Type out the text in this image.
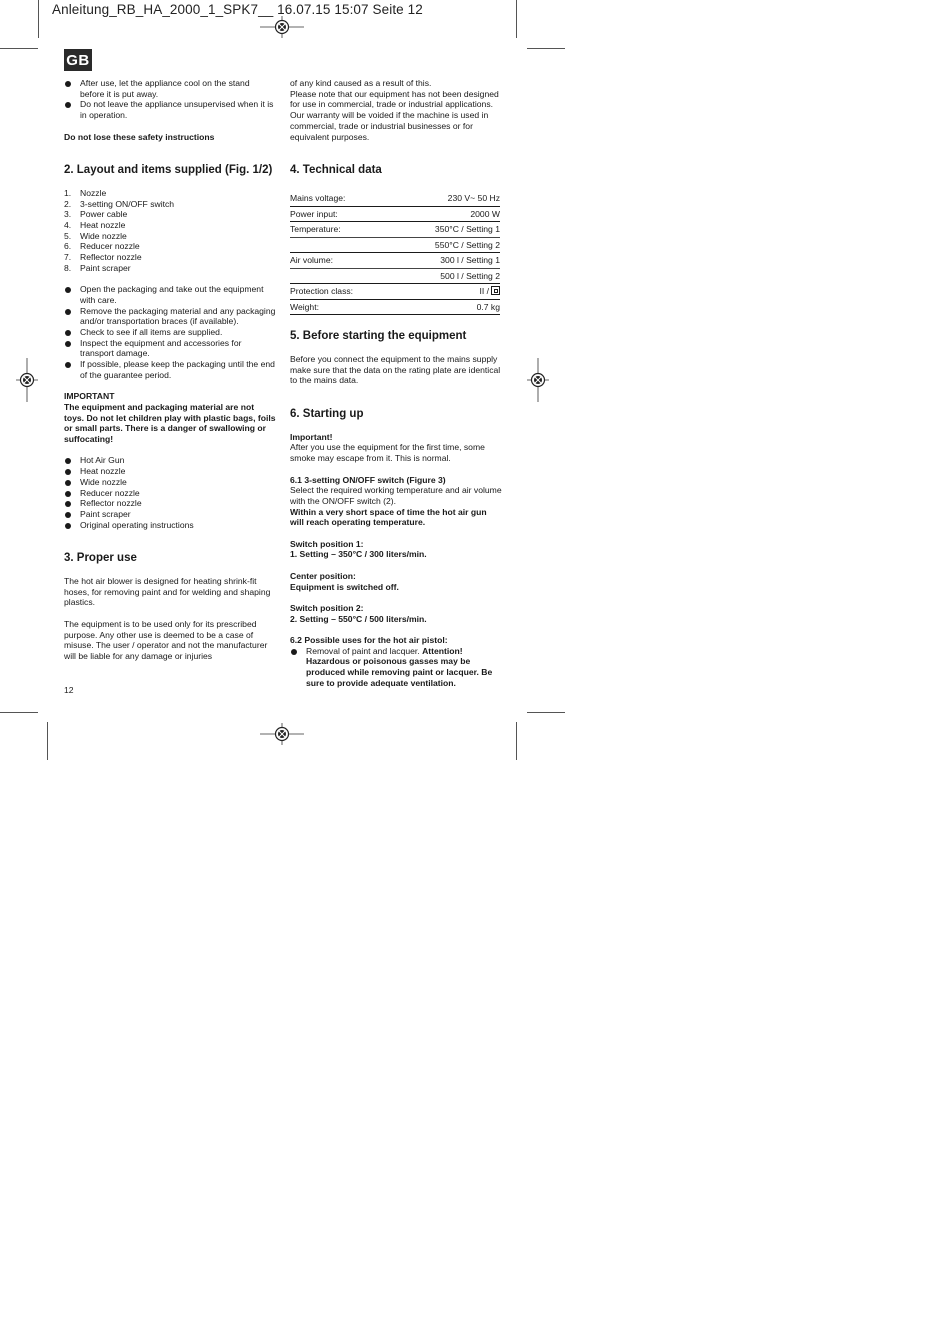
Anleitung_RB_HA_2000_1_SPK7__ 16.07.15 15:07 Seite 12
GB
After use, let the appliance cool on the stand before it is put away.
Do not leave the appliance unsupervised when it is in operation.

Do not lose these safety instructions

2. Layout and items supplied (Fig. 1/2)
1. Nozzle
2. 3-setting ON/OFF switch
3. Power cable
4. Heat nozzle
5. Wide nozzle
6. Reducer nozzle
7. Reflector nozzle
8. Paint scraper
Open the packaging and take out the equipment with care.
Remove the packaging material and any packaging and/or transportation braces (if available).
Check to see if all items are supplied.
Inspect the equipment and accessories for transport damage.
If possible, please keep the packaging until the end of the guarantee period.

IMPORTANT

The equipment and packaging material are not toys. Do not let children play with plastic bags, foils or small parts. There is a danger of swallowing or suffocating!

Hot Air Gun
Heat nozzle
Wide nozzle
Reducer nozzle
Reflector nozzle
Paint scraper
Original operating instructions
3. Proper use

The hot air blower is designed for heating shrink-fit hoses, for removing paint and for welding and shaping plastics.

The equipment is to be used only for its prescribed purpose. Any other use is deemed to be a case of misuse. The user / operator and not the manufacturer will be liable for any damage or injuries

12

of any kind caused as a result of this.
Please note that our equipment has not been designed for use in commercial, trade or industrial applications. Our warranty will be voided if the machine is used in commercial, trade or industrial businesses or for equivalent purposes.

4. Technical data
Mains voltage:	230 V~ 50 Hz
Power input:	2000 W
Temperature:	350°C / Setting 1
550°C / Setting 2
Air volume:	300 l / Setting 1
500 l / Setting 2
Protection class:	II /
Weight:	0.7 kg
5. Before starting the equipment

Before you connect the equipment to the mains supply make sure that the data on the rating plate are identical to the mains data.

6. Starting up

Important!

After you use the equipment for the first time, some smoke may escape from it. This is normal.

6.1 3-setting ON/OFF switch (Figure 3)

Select the required working temperature and air volume with the ON/OFF switch (2).

Within a very short space of time the hot air gun will reach operating temperature.

Switch position 1:

1. Setting – 350°C / 300 liters/min.

Center position:

Equipment is switched off.

Switch position 2:

2. Setting – 550°C / 500 liters/min.

6.2 Possible uses for the hot air pistol:

Removal of paint and lacquer. Attention! Hazardous or poisonous gasses may be produced while removing paint or lacquer. Be sure to provide adequate ventilation.
